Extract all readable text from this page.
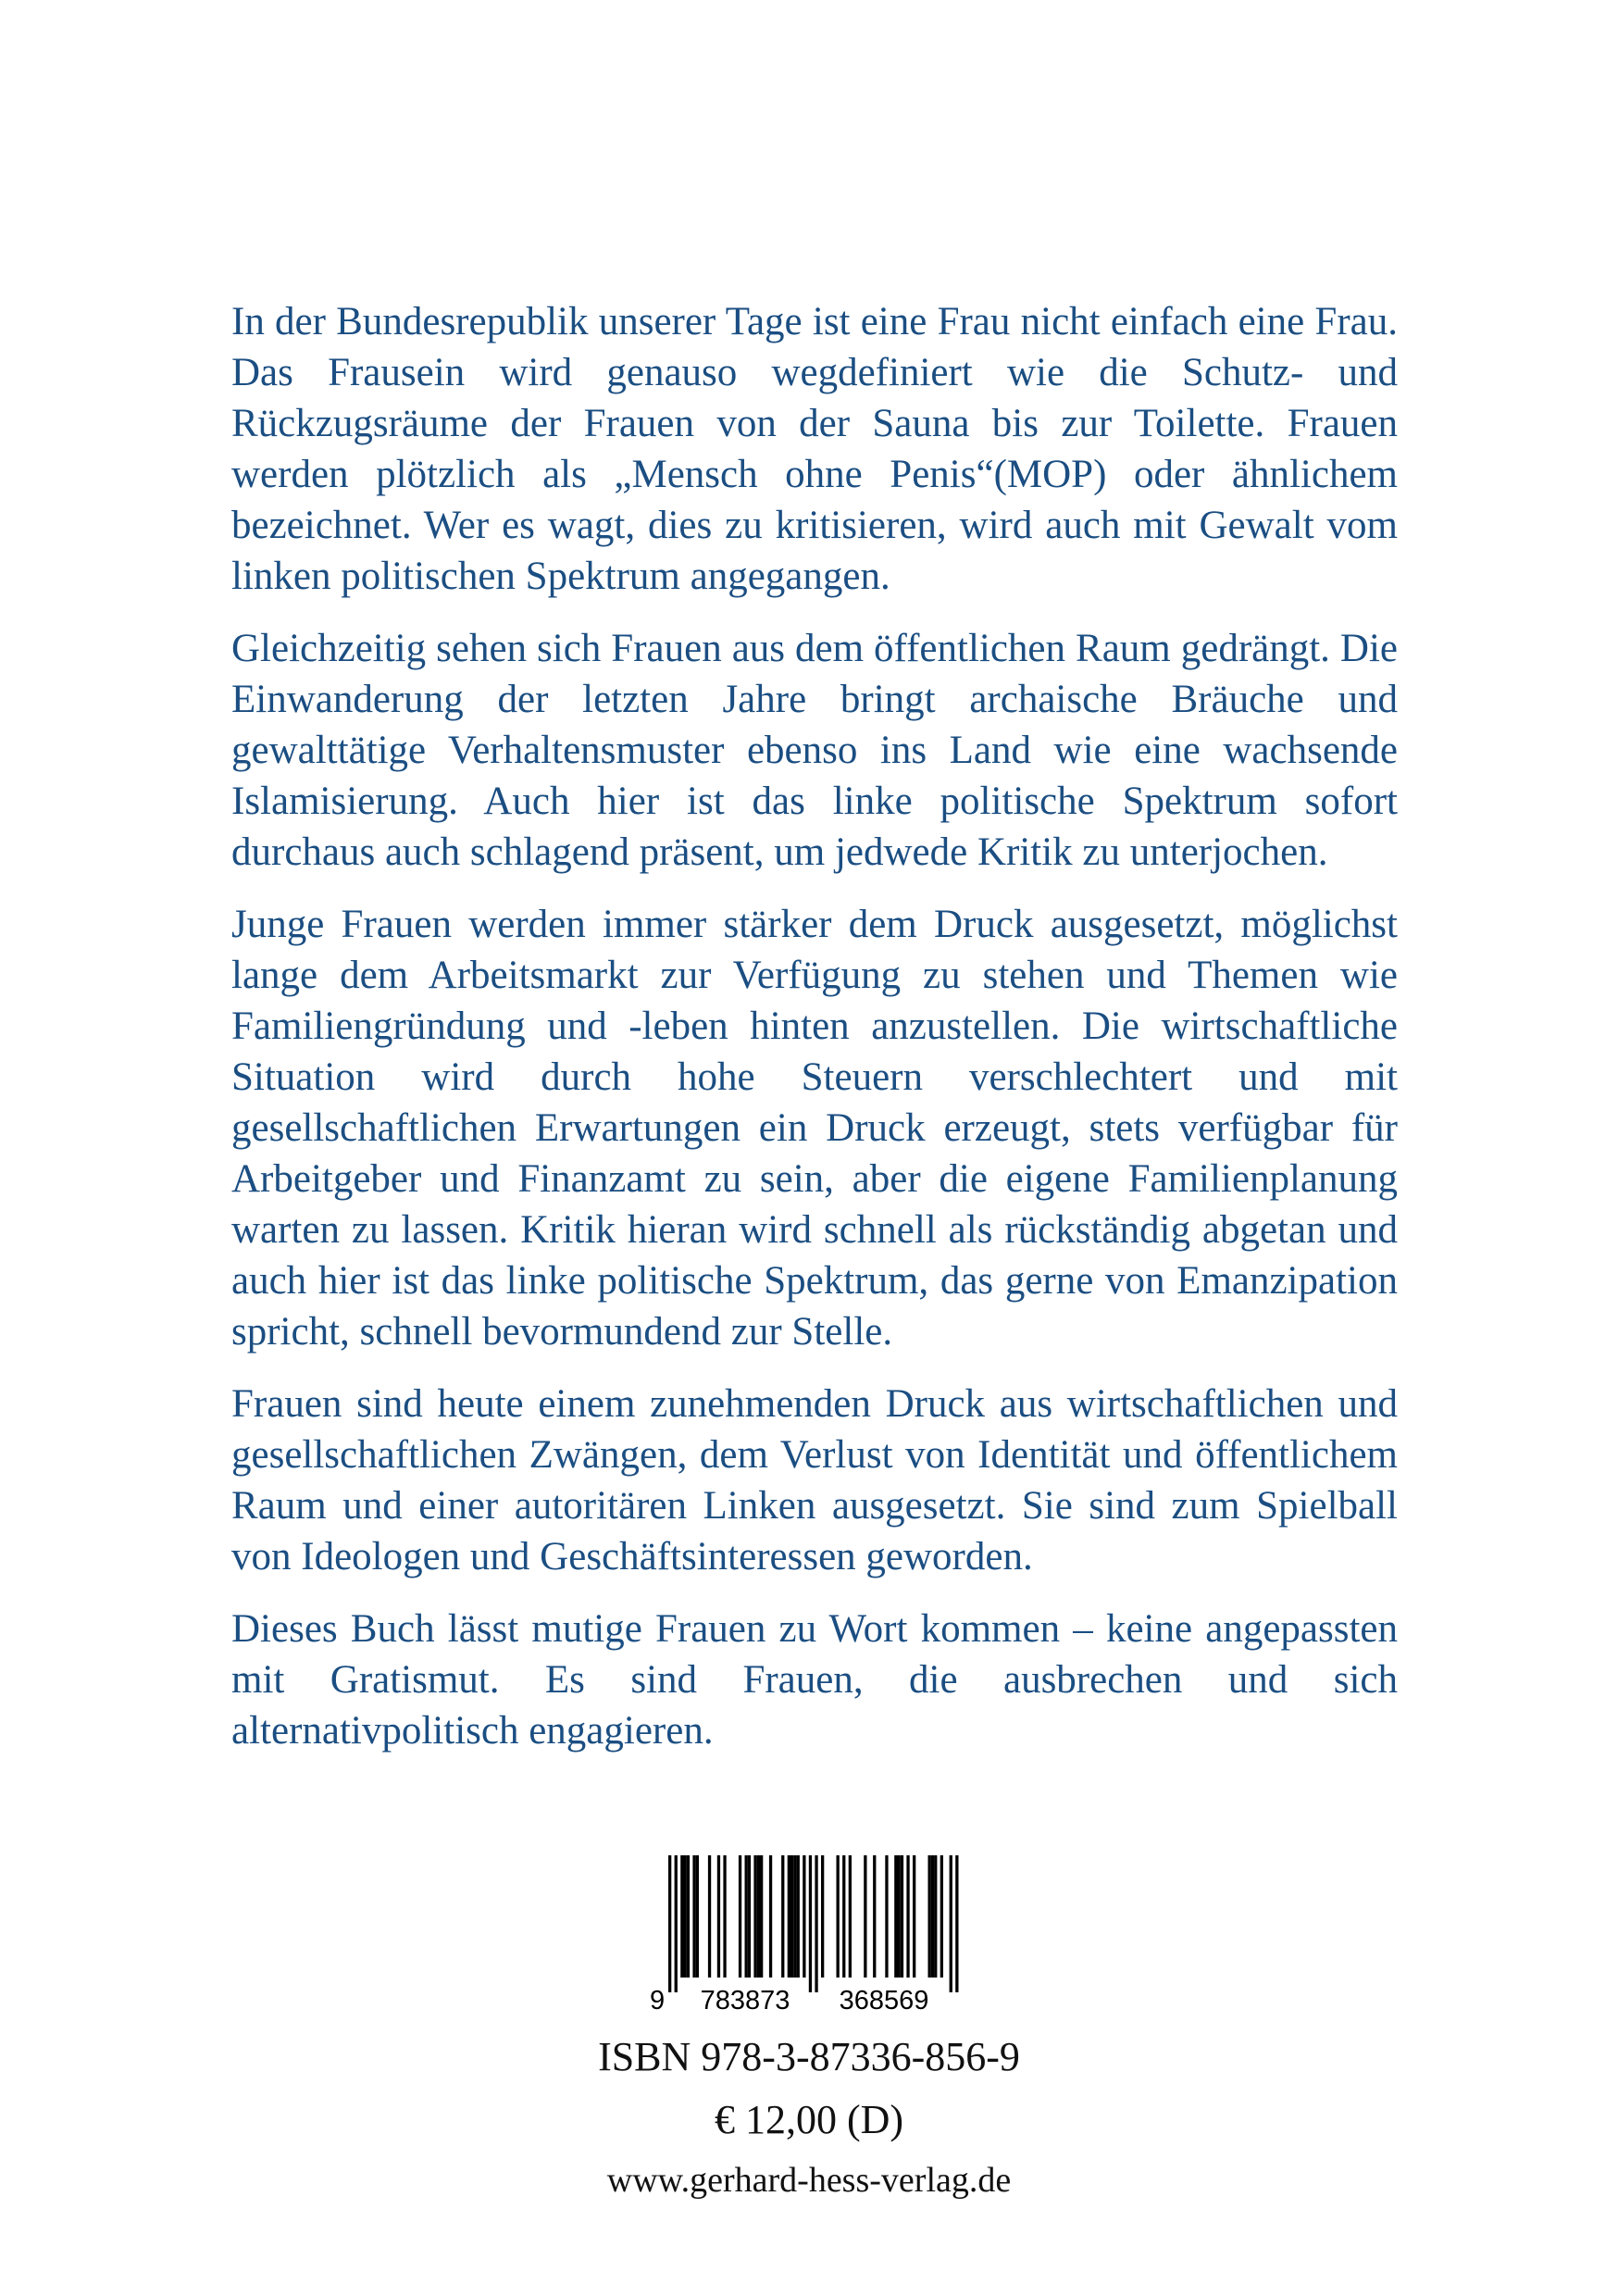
In der Bundesrepublik unserer Tage ist eine Frau nicht einfach eine Frau. Das Frausein wird genauso wegdefiniert wie die Schutz- und Rückzugsräume der Frauen von der Sauna bis zur Toilette. Frauen werden plötzlich als „Mensch ohne Penis“(MOP) oder ähnlichem bezeichnet. Wer es wagt, dies zu kritisieren, wird auch mit Gewalt vom linken politischen Spektrum angegangen.

Gleichzeitig sehen sich Frauen aus dem öffentlichen Raum gedrängt. Die Einwanderung der letzten Jahre bringt archaische Bräuche und gewalttätige Verhaltensmuster ebenso ins Land wie eine wachsende Islamisierung. Auch hier ist das linke politische Spektrum sofort durchaus auch schlagend präsent, um jedwede Kritik zu unterjochen.

Junge Frauen werden immer stärker dem Druck ausgesetzt, möglichst lange dem Arbeitsmarkt zur Verfügung zu stehen und Themen wie Familiengründung und -leben hinten anzustellen. Die wirtschaftliche Situation wird durch hohe Steuern verschlechtert und mit gesellschaftlichen Erwartungen ein Druck erzeugt, stets verfügbar für Arbeitgeber und Finanzamt zu sein, aber die eigene Familienplanung warten zu lassen. Kritik hieran wird schnell als rückständig abgetan und auch hier ist das linke politische Spektrum, das gerne von Emanzipation spricht, schnell bevormundend zur Stelle.

Frauen sind heute einem zunehmenden Druck aus wirtschaftlichen und gesellschaftlichen Zwängen, dem Verlust von Identität und öffentlichem Raum und einer autoritären Linken ausgesetzt. Sie sind zum Spielball von Ideologen und Geschäftsinteressen geworden.

Dieses Buch lässt mutige Frauen zu Wort kommen – keine angepassten mit Gratismut. Es sind Frauen, die ausbrechen und sich alternativpolitisch engagieren.

9 783873 368569
ISBN 978-3-87336-856-9
€ 12,00 (D)
www.gerhard-hess-verlag.de
